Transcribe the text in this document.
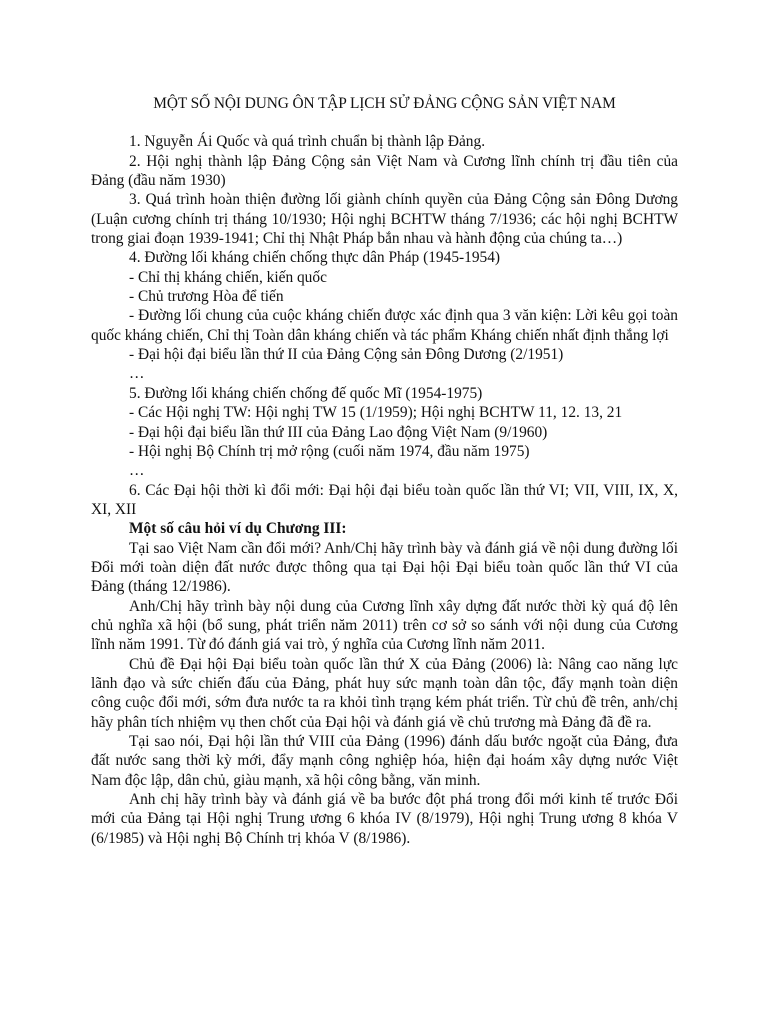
MỘT SỐ NỘI DUNG ÔN TẬP LỊCH SỬ ĐẢNG CỘNG SẢN VIỆT NAM

1. Nguyễn Ái Quốc và quá trình chuẩn bị thành lập Đảng.

2. Hội nghị thành lập Đảng Cộng sản Việt Nam và Cương lĩnh chính trị đầu tiên của Đảng (đầu năm 1930)

3. Quá trình hoàn thiện đường lối giành chính quyền của Đảng Cộng sản Đông Dương (Luận cương chính trị tháng 10/1930; Hội nghị BCHTW tháng 7/1936; các hội nghị BCHTW trong giai đoạn 1939-1941; Chỉ thị Nhật Pháp bắn nhau và hành động của chúng ta…)

4. Đường lối kháng chiến chống thực dân Pháp (1945-1954)

- Chỉ thị kháng chiến, kiến quốc

- Chủ trương Hòa để tiến

- Đường lối chung của cuộc kháng chiến được xác định qua 3 văn kiện: Lời kêu gọi toàn quốc kháng chiến, Chỉ thị Toàn dân kháng chiến và tác phẩm Kháng chiến nhất định thắng lợi

- Đại hội đại biểu lần thứ II của Đảng Cộng sản Đông Dương (2/1951)

…

5. Đường lối kháng chiến chống đế quốc Mĩ (1954-1975)

- Các Hội nghị TW: Hội nghị TW 15 (1/1959); Hội nghị BCHTW 11, 12. 13, 21

- Đại hội đại biểu lần thứ III của Đảng Lao động Việt Nam (9/1960)

- Hội nghị Bộ Chính trị mở rộng (cuối năm 1974, đầu năm 1975)

…

6. Các Đại hội thời kì đổi mới: Đại hội đại biểu toàn quốc lần thứ VI; VII, VIII, IX, X, XI, XII

Một số câu hỏi ví dụ Chương III:

Tại sao Việt Nam cần đổi mới? Anh/Chị hãy trình bày và đánh giá về nội dung đường lối Đổi mới toàn diện đất nước được thông qua tại Đại hội Đại biểu toàn quốc lần thứ VI của Đảng (tháng 12/1986).

Anh/Chị hãy trình bày nội dung của Cương lĩnh xây dựng đất nước thời kỳ quá độ lên chủ nghĩa xã hội (bổ sung, phát triển năm 2011) trên cơ sở so sánh với nội dung của Cương lĩnh năm 1991. Từ đó đánh giá vai trò, ý nghĩa của Cương lĩnh năm 2011.

Chủ đề Đại hội Đại biểu toàn quốc lần thứ X của Đảng (2006) là: Nâng cao năng lực lãnh đạo và sức chiến đấu của Đảng, phát huy sức mạnh toàn dân tộc, đẩy mạnh toàn diện công cuộc đổi mới, sớm đưa nước ta ra khỏi tình trạng kém phát triển. Từ chủ đề trên, anh/chị hãy phân tích nhiệm vụ then chốt của Đại hội và đánh giá về chủ trương mà Đảng đã đề ra.

Tại sao nói, Đại hội lần thứ VIII của Đảng (1996) đánh dấu bước ngoặt của Đảng, đưa đất nước sang thời kỳ mới, đẩy mạnh công nghiệp hóa, hiện đại hoám xây dựng nước Việt Nam độc lập, dân chủ, giàu mạnh, xã hội công bằng, văn minh.

Anh chị hãy trình bày và đánh giá về ba bước đột phá trong đổi mới kinh tế trước Đổi mới của Đảng tại Hội nghị Trung ương 6 khóa IV (8/1979), Hội nghị Trung ương 8 khóa V (6/1985) và Hội nghị Bộ Chính trị khóa V (8/1986).
